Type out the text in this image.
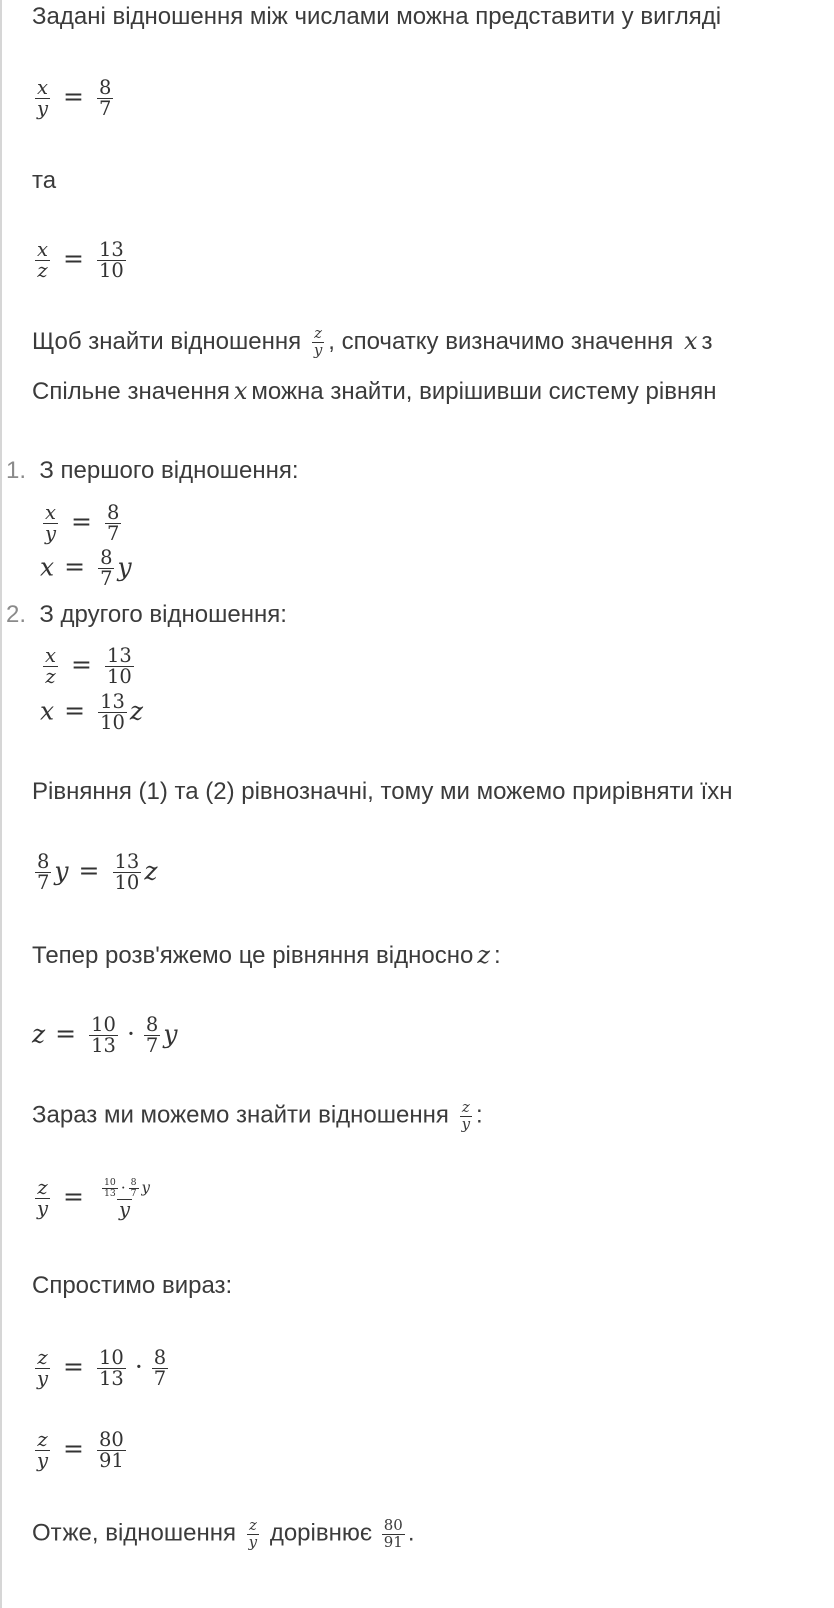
Задані відношення між числами можна представити у вигляді
$\frac{x}{y} = \frac{8}{7}$
та
$\frac{x}{z} = \frac{13}{10}$
Щоб знайти відношення $\frac{z}{y}$ , спочатку визначимо значення x з
Спільне значення x можна знайти, вирішивши систему рівнян
1. З першого відношення:
$\frac{x}{y} = \frac{8}{7}$
$x = \frac{8}{7}$ y
2. З другого відношення:
$\frac{x}{z} = \frac{13}{10}$
$x = \frac{13}{10}$ z
Рівняння (1) та (2) рівнозначні, тому ми можемо прирівняти їхн
$\frac{8}{7}$ $y = \frac{13}{10}$ z
Тепер розв'яжемо це рівняння відносно z :
$z = \frac{10}{13} \cdot \frac{8}{7}$ y
Зараз ми можемо знайти відношення $\frac{z}{y}$ :
$\frac{z}{y} = \frac{\frac{10}{13} \cdot \frac{8}{7} y}{y}$
Спростимо вираз:
$\frac{z}{y} = \frac{10}{13} \cdot \frac{8}{7}$
$\frac{z}{y} = \frac{80}{91}$
Отже, відношення $\frac{z}{y}$ дорівнює $\frac{80}{91}$ .
